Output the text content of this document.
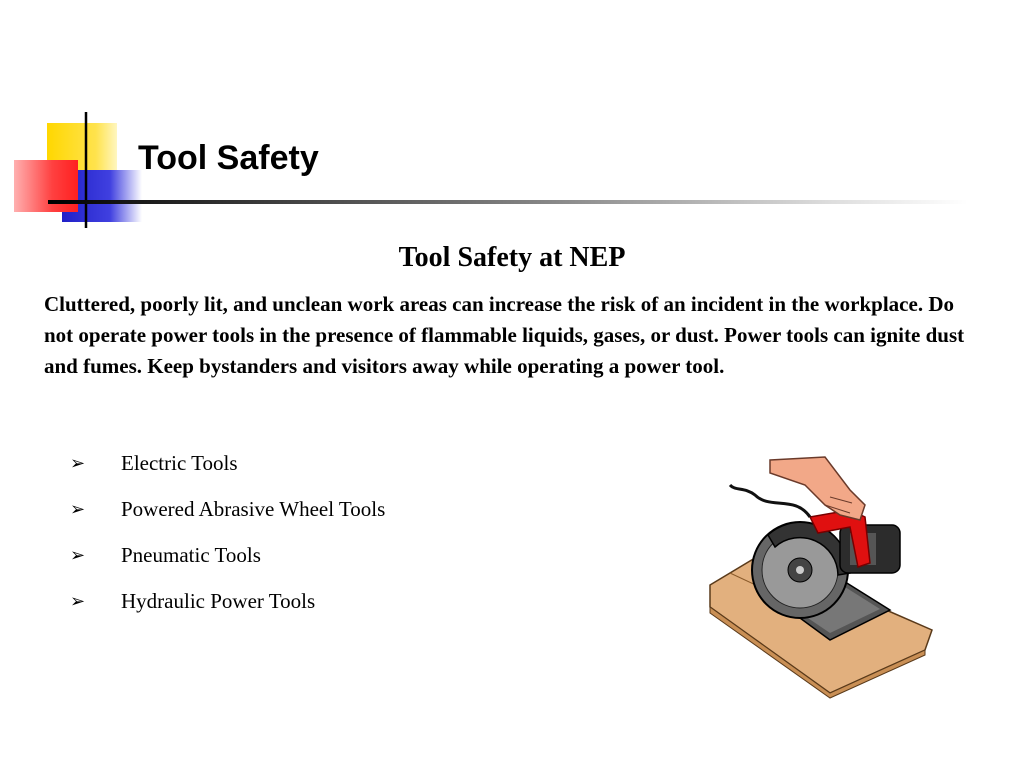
Tool Safety
Tool Safety at NEP

Cluttered, poorly lit, and unclean work areas can increase the risk of an incident in the workplace. Do not operate power tools in the presence of flammable liquids, gases, or dust. Power tools can ignite dust and fumes. Keep bystanders and visitors away while operating a power tool.

➢	Electric Tools
➢	Powered Abrasive Wheel Tools
➢	Pneumatic Tools
➢	Hydraulic Power Tools
